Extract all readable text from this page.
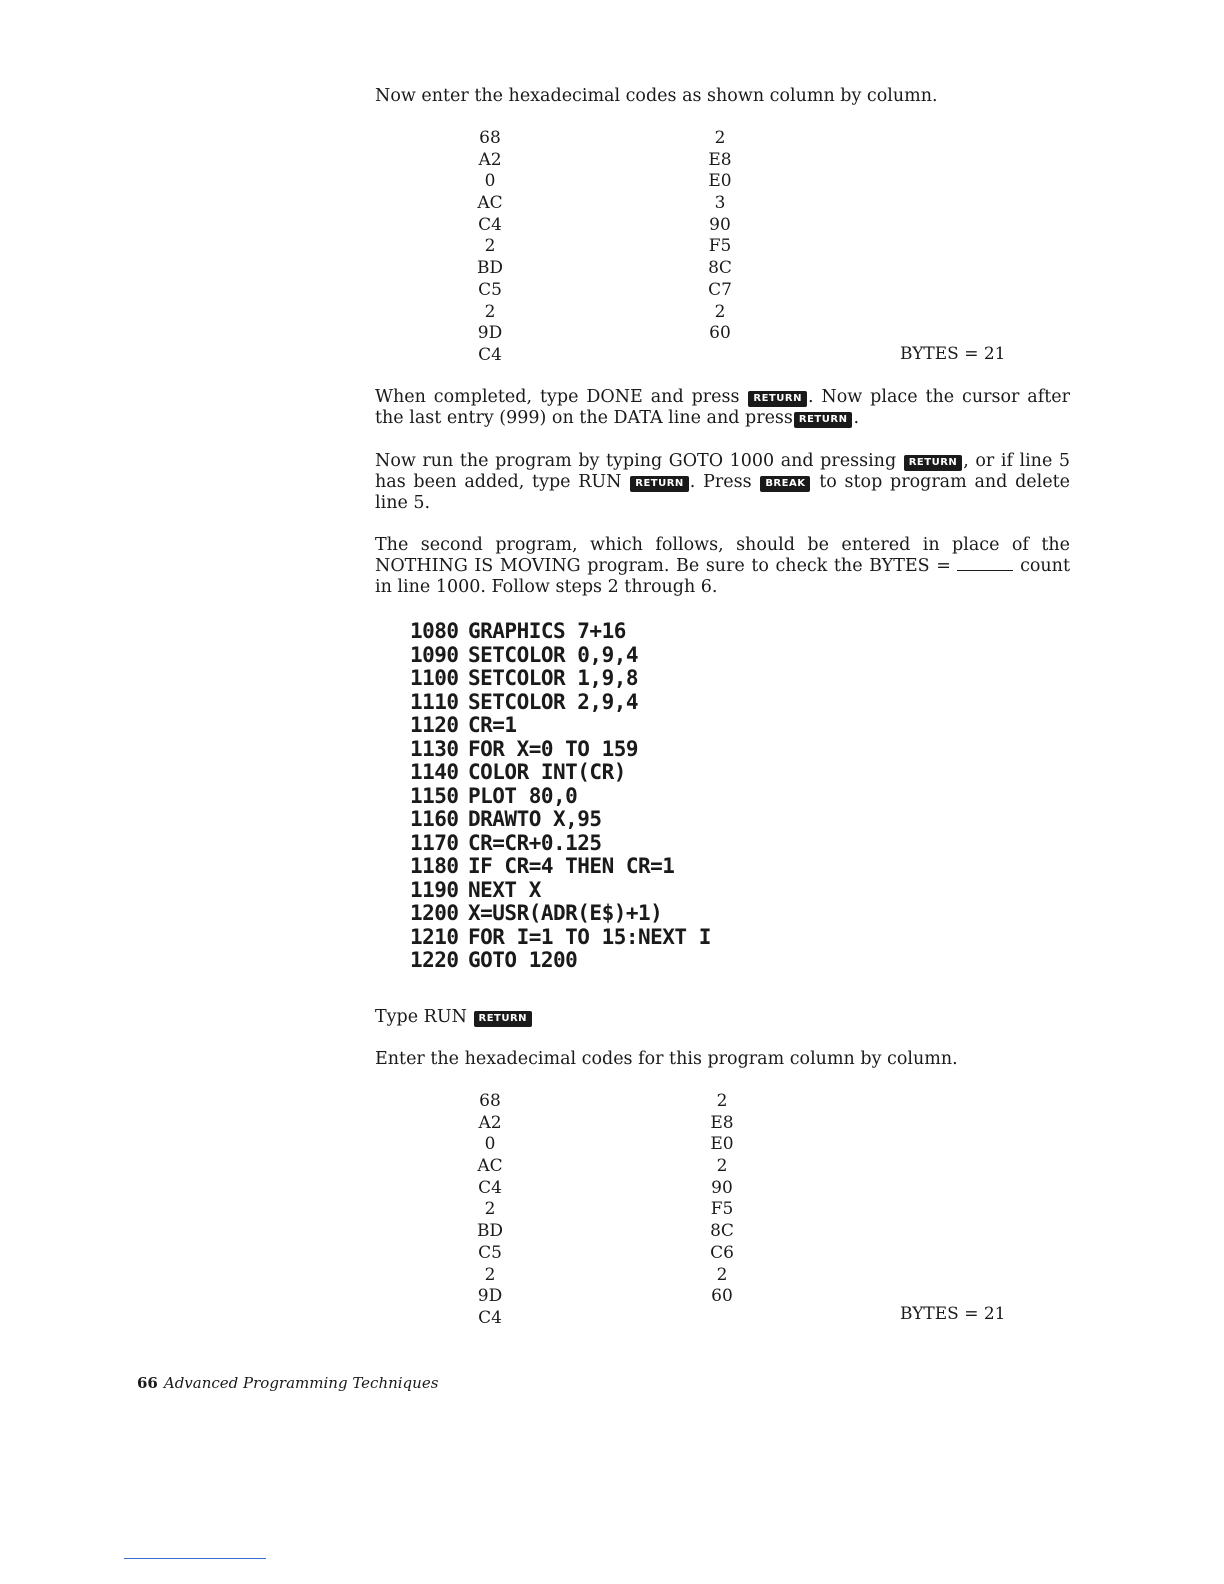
Now enter the hexadecimal codes as shown column by column.

68
A2
0
AC
C4
2
BD
C5
2
9D
C4
2
E8
E0
3
90
F5
8C
C7
2
60
BYTES = 21

When completed, type DONE and press RETURN . Now place the cursor after the last entry (999) on the DATA line and press RETURN .

Now run the program by typing GOTO 1000 and pressing RETURN , or if line 5 has been added, type RUN RETURN . Press BREAK to stop program and delete line 5.

The second program, which follows, should be entered in place of the NOTHING IS MOVING program. Be sure to check the BYTES =	count in line 1000. Follow steps 2 through 6.

1080 GRAPHICS 7+16
1090 SETCOLOR 0,9,4
1100 SETCOLOR 1,9,8
1110 SETCOLOR 2,9,4
1120 CR=1
1130 FOR X=0 TO 159
1140 COLOR INT(CR)
1150 PLOT 80,0
1160 DRAWTO X,95
1170 CR=CR+0.125
1180 IF CR=4 THEN CR=1
1190 NEXT X
1200 X=USR(ADR(E$)+1)
1210 FOR I=1 TO 15:NEXT I
1220 GOTO 1200

Type RUN RETURN

Enter the hexadecimal codes for this program column by column.

68
A2
0
AC
C4
2
BD
C5
2
9D
C4
2
E8
E0
2
90
F5
8C
C6
2
60
BYTES = 21
66 Advanced Programming Techniques
